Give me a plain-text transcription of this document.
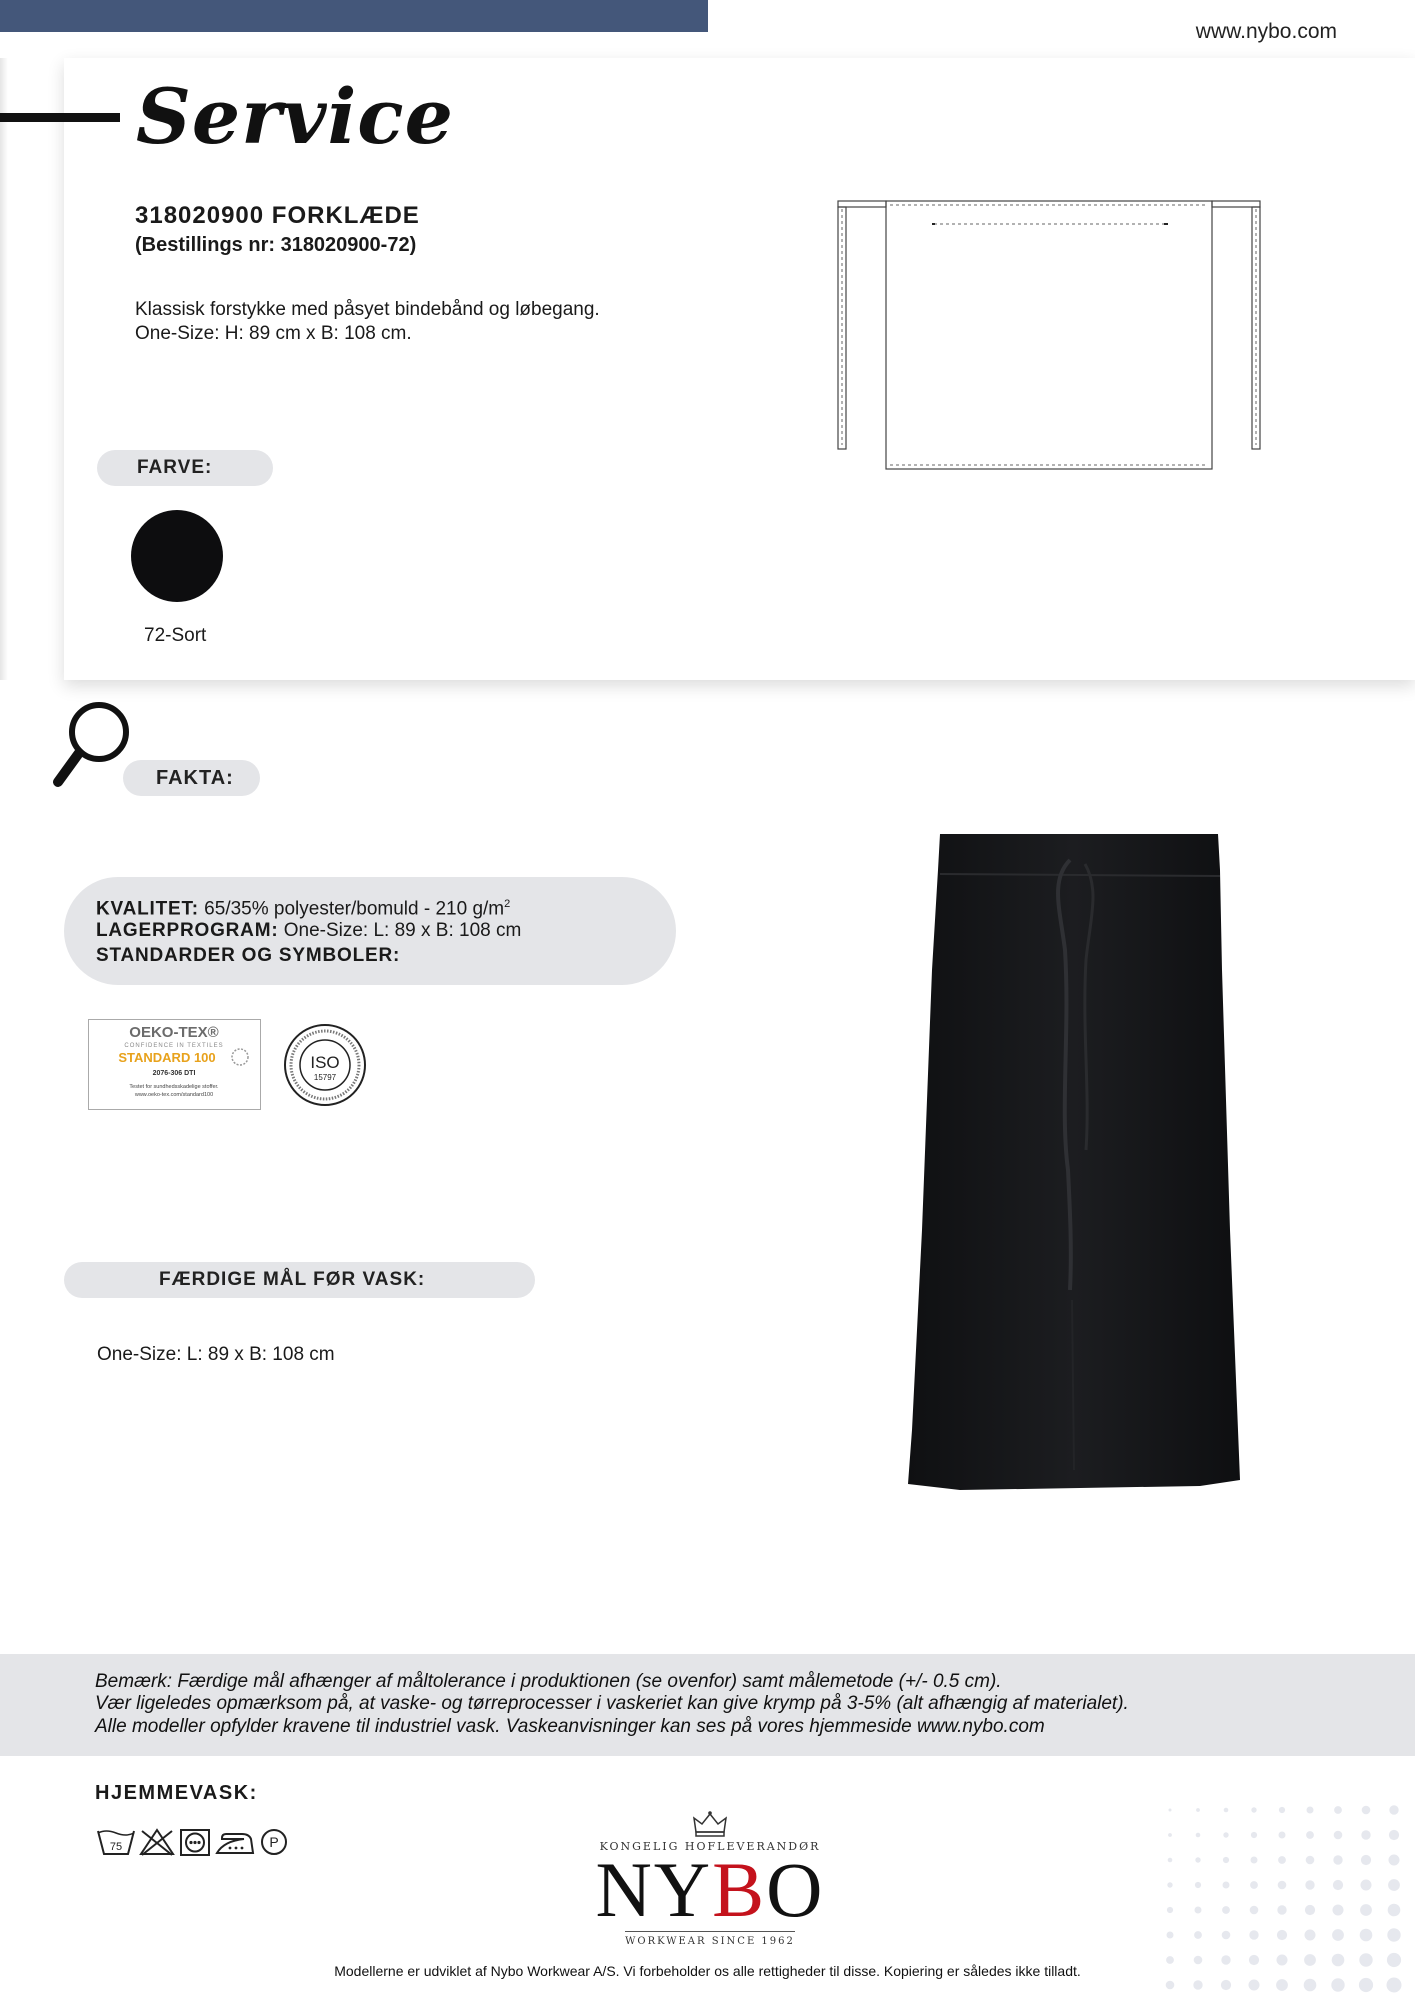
www.nybo.com
Service
318020900 FORKLÆDE
(Bestillings nr: 318020900-72)
Klassisk forstykke med påsyet bindebånd og løbegang.
One-Size: H: 89 cm x B: 108 cm.
FARVE:
72-Sort
FAKTA:
KVALITET: 65/35% polyester/bomuld - 210 $g/m^2$
LAGERPROGRAM: One-Size: L: 89 x B: 108 cm
STANDARDER OG SYMBOLER:
OEKO-TEX®
CONFIDENCE IN TEXTILES
STANDARD 100
2076-306 DTI
Testet for sundhedsskadelige stoffer.
www.oeko-tex.com/standard100
ISO
15797
FÆRDIGE MÅL FØR VASK:
One-Size: L: 89 x B: 108 cm
Bemærk: Færdige mål afhænger af måltolerance i produktionen (se ovenfor) samt målemetode (+/- 0.5 cm).
Vær ligeledes opmærksom på, at vaske- og tørreprocesser i vaskeriet kan give krymp på 3-5% (alt afhængig af materialet).
Alle modeller opfylder kravene til industriel vask. Vaskeanvisninger kan ses på vores hjemmeside www.nybo.com
HJEMMEVASK:
75	P	KONGELIG HOFLEVERANDØR
NYBO
WORKWEAR SINCE 1962
Modellerne er udviklet af Nybo Workwear A/S. Vi forbeholder os alle rettigheder til disse. Kopiering er således ikke tilladt.
